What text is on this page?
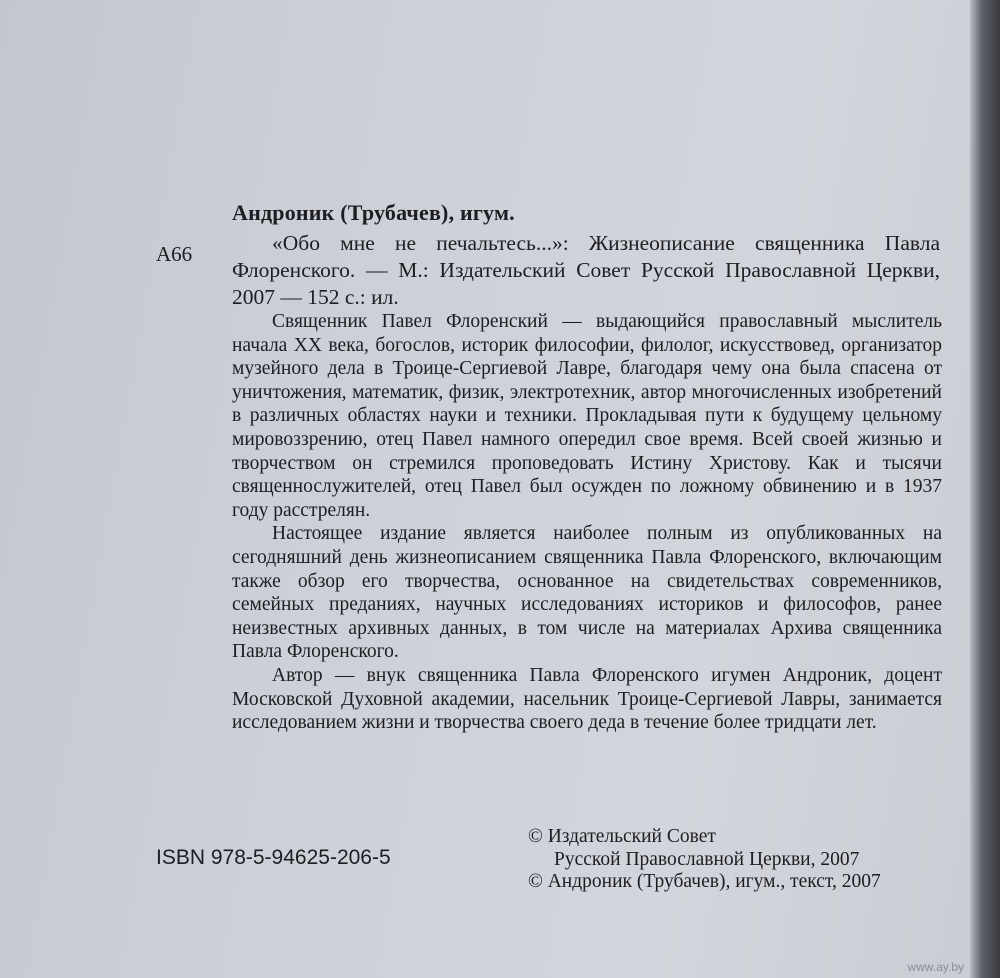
Андроник (Трубачев), игум.
А66	«Обо мне не печальтесь...»: Жизнеописание священника Павла Флоренского. — М.: Издательский Совет Русской Православной Церкви, 2007 — 152 с.: ил.

Священник Павел Флоренский — выдающийся православный мыслитель начала XX века, богослов, историк философии, филолог, искусствовед, организатор музейного дела в Троице-Сергиевой Лавре, благодаря чему она была спасена от уничтожения, математик, физик, электротехник, автор многочисленных изобретений в различных областях науки и техники. Прокладывая пути к будущему цельному мировоззрению, отец Павел намного опередил свое время. Всей своей жизнью и творчеством он стремился проповедовать Истину Христову. Как и тысячи священнослужителей, отец Павел был осужден по ложному обвинению и в 1937 году расстрелян.

Настоящее издание является наиболее полным из опубликованных на сегодняшний день жизнеописанием священника Павла Флоренского, включающим также обзор его творчества, основанное на свидетельствах современников, семейных преданиях, научных исследованиях историков и философов, ранее неизвестных архивных данных, в том числе на материалах Архива священника Павла Флоренского.

Автор — внук священника Павла Флоренского игумен Андроник, доцент Московской Духовной академии, насельник Троице-Сергиевой Лавры, занимается исследованием жизни и творчества своего деда в течение более тридцати лет.

ISBN 978-5-94625-206-5
© Издательский Совет
Русской Православной Церкви, 2007
© Андроник (Трубачев), игум., текст, 2007
www.ay.by
